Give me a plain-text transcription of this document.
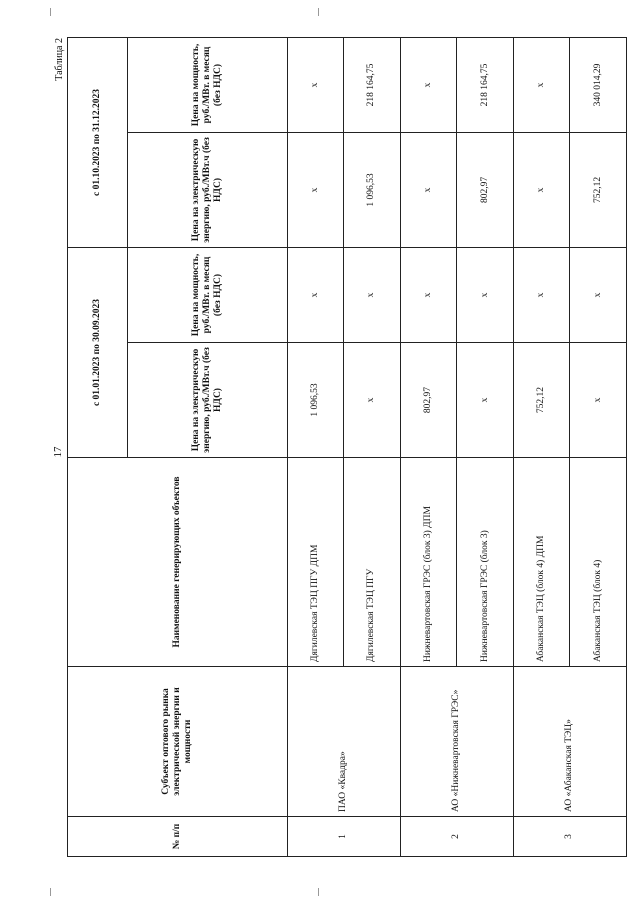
17
Таблица 2
№ п/п	Субъект оптового рынка электрической энергии и мощности	Наименование генерирующих объектов	с 01.01.2023 по 30.09.2023		с 01.10.2023 по 31.12.2023	
			Цена на электрическую энергию, руб./МВт.ч (без НДС)	Цена на мощность, руб./МВт. в месяц (без НДС)	Цена на электрическую энергию, руб./МВт.ч (без НДС)	Цена на мощность, руб./МВт. в месяц (без НДС)
1	ПАО «Квадра»	Дягилевская ТЭЦ ПГУ ДПМ	1 096,53	х	х	х
		Дягилевская ТЭЦ ПГУ	х	х	1 096,53	218 164,75
2	АО «Нижневартовская ГРЭС»	Нижневартовская ГРЭС (блок 3) ДПМ	802,97	х	х	х
		Нижневартовская ГРЭС (блок 3)	х	х	802,97	218 164,75
3	АО «Абаканская ТЭЦ»	Абаканская ТЭЦ (блок 4) ДПМ	752,12	х	х	х
		Абаканская ТЭЦ (блок 4)	х	х	752,12	340 014,29
